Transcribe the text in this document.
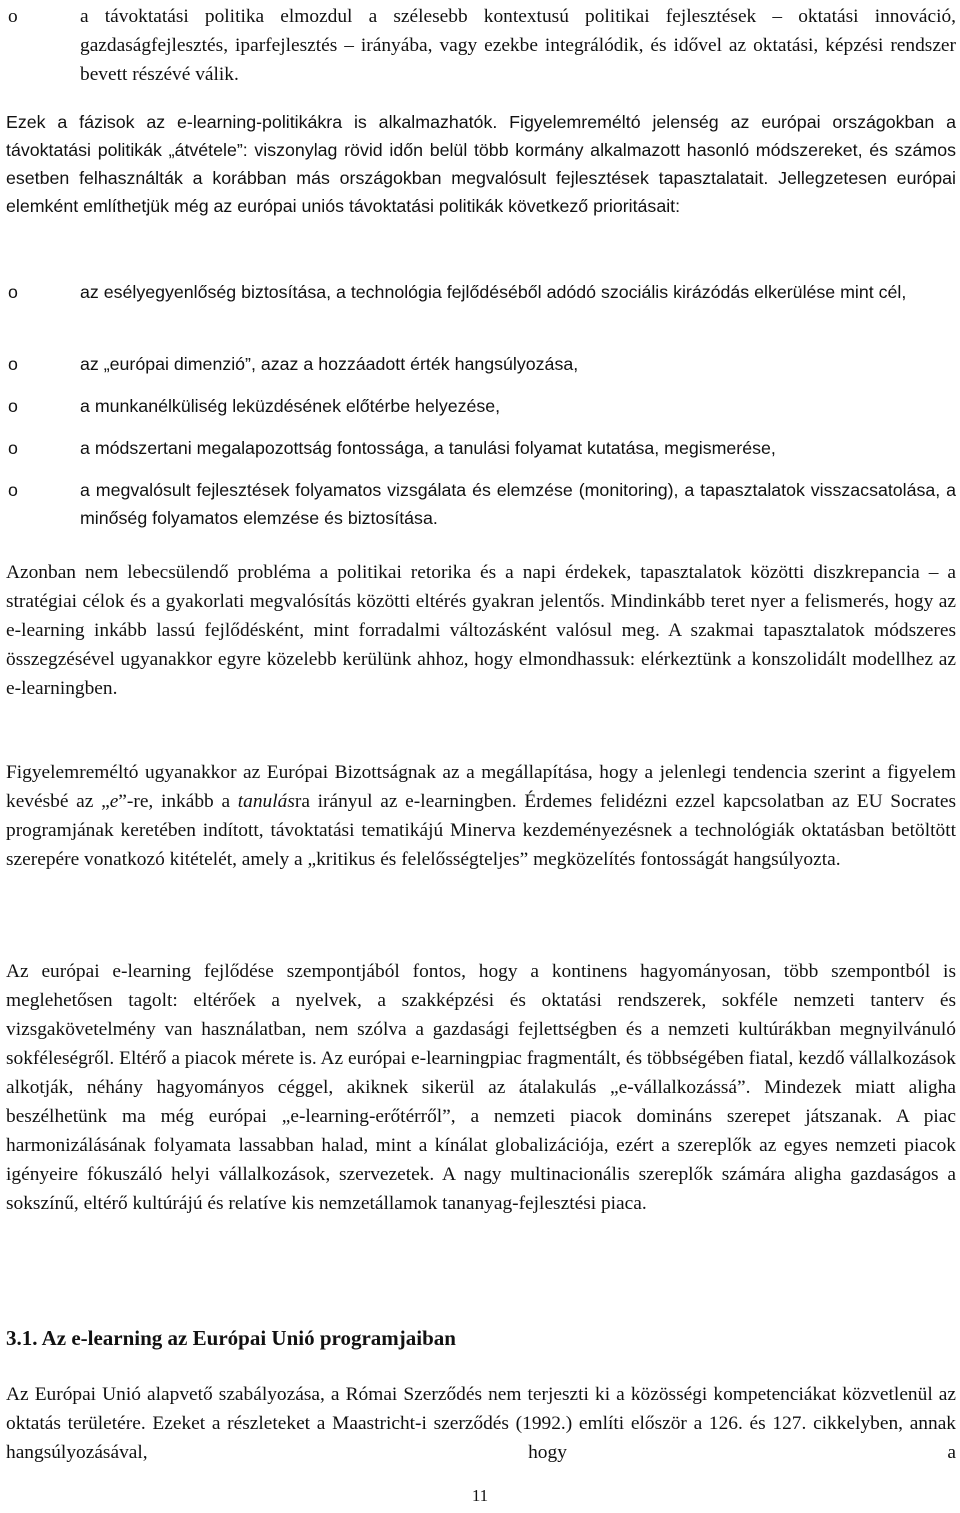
o	a távoktatási politika elmozdul a szélesebb kontextusú politikai fejlesztések – oktatási innováció, gazdaságfejlesztés, iparfejlesztés – irányába, vagy ezekbe integrálódik, és idővel az oktatási, képzési rendszer bevett részévé válik.

Ezek a fázisok az e-learning-politikákra is alkalmazhatók. Figyelemreméltó jelenség az európai országokban a távoktatási politikák „átvétele”: viszonylag rövid időn belül több kormány alkalmazott hasonló módszereket, és számos esetben felhasználták a korábban más országokban megvalósult fejlesztések tapasztalatait. Jellegzetesen európai elemként említhetjük még az európai uniós távoktatási politikák következő prioritásait:

o	az esélyegyenlőség biztosítása, a technológia fejlődéséből adódó szociális kirázódás elkerülése mint cél,

o	az „európai dimenzió”, azaz a hozzáadott érték hangsúlyozása,

o	a munkanélküliség leküzdésének előtérbe helyezése,

o	a módszertani megalapozottság fontossága, a tanulási folyamat kutatása, megismerése,

o	a megvalósult fejlesztések folyamatos vizsgálata és elemzése (monitoring), a tapasztalatok visszacsatolása, a minőség folyamatos elemzése és biztosítása.

Azonban nem lebecsülendő probléma a politikai retorika és a napi érdekek, tapasztalatok közötti diszkrepancia – a stratégiai célok és a gyakorlati megvalósítás közötti eltérés gyakran jelentős. Mindinkább teret nyer a felismerés, hogy az e-learning inkább lassú fejlődésként, mint forradalmi változásként valósul meg. A szakmai tapasztalatok módszeres összegzésével ugyanakkor egyre közelebb kerülünk ahhoz, hogy elmondhassuk: elérkeztünk a konszolidált modellhez az e-learningben.

Figyelemreméltó ugyanakkor az Európai Bizottságnak az a megállapítása, hogy a jelenlegi tendencia szerint a figyelem kevésbé az „e”-re, inkább a tanulásra irányul az e-learningben. Érdemes felidézni ezzel kapcsolatban az EU Socrates programjának keretében indított, távoktatási tematikájú Minerva kezdeményezésnek a technológiák oktatásban betöltött szerepére vonatkozó kitételét, amely a „kritikus és felelősségteljes” megközelítés fontosságát hangsúlyozta.

Az európai e-learning fejlődése szempontjából fontos, hogy a kontinens hagyományosan, több szempontból is meglehetősen tagolt: eltérőek a nyelvek, a szakképzési és oktatási rendszerek, sokféle nemzeti tanterv és vizsgakövetelmény van használatban, nem szólva a gazdasági fejlettségben és a nemzeti kultúrákban megnyilvánuló sokféleségről. Eltérő a piacok mérete is. Az európai e-learningpiac fragmentált, és többségében fiatal, kezdő vállalkozások alkotják, néhány hagyományos céggel, akiknek sikerül az átalakulás „e-vállalkozássá”. Mindezek miatt aligha beszélhetünk ma még európai „e-learning-erőtérről”, a nemzeti piacok domináns szerepet játszanak. A piac harmonizálásának folyamata lassabban halad, mint a kínálat globalizációja, ezért a szereplők az egyes nemzeti piacok igényeire fókuszáló helyi vállalkozások, szervezetek. A nagy multinacionális szereplők számára aligha gazdaságos a sokszínű, eltérő kultúrájú és relatíve kis nemzetállamok tananyag-fejlesztési piaca.

3.1. Az e-learning az Európai Unió programjaiban

Az Európai Unió alapvető szabályozása, a Római Szerződés nem terjeszti ki a közösségi kompetenciákat közvetlenül az oktatás területére. Ezeket a részleteket a Maastricht-i szerződés (1992.) említi először a 126. és 127. cikkelyben, annak hangsúlyozásával, hogy a

11
